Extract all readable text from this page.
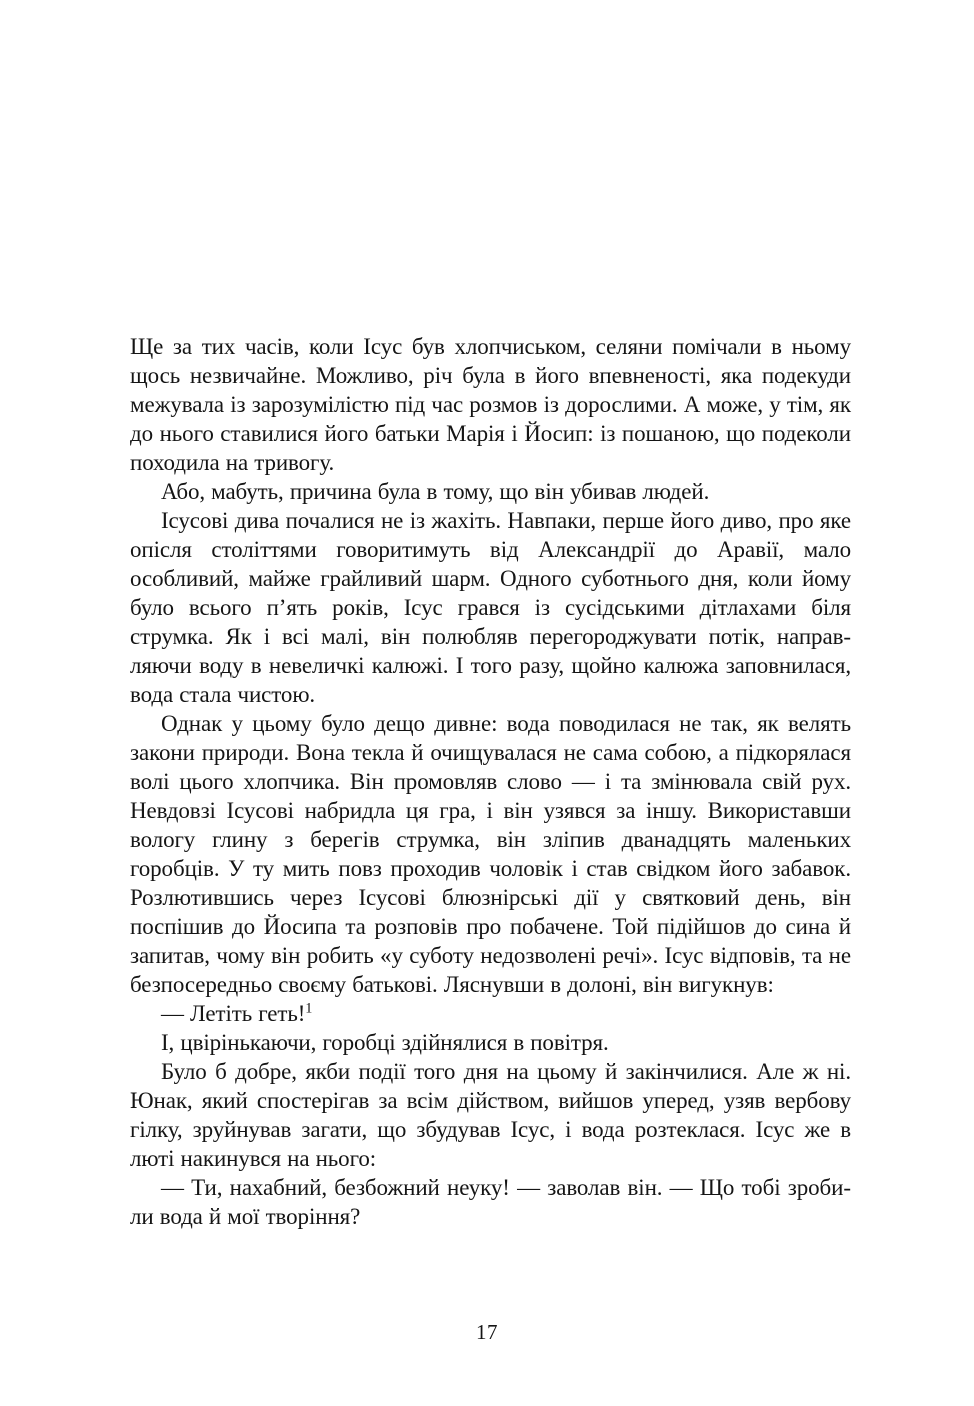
Ще за тих часів, коли Ісус був хлопчиськом, селяни помічали в ньому щось незвичайне. Можливо, річ була в його впевненості, яка подекуди межувала із зарозумілістю під час розмов із дорослими. А може, у тім, як до нього ставилися його батьки Марія і Йосип: із пошаною, що подеколи походила на тривогу.

Або, мабуть, причина була в тому, що він убивав людей.

Ісусові дива почалися не із жахіть. Навпаки, перше його диво, про яке опісля століттями говоритимуть від Александрії до Аравії, мало особливий, майже грайливий шарм. Одного суботнього дня, коли йому було всього п’ять років, Ісус грався із сусідськими дітлахами біля струмка. Як і всі малі, він полюбляв перегороджувати потік, направляючи воду в невеличкі калюжі. І того разу, щойно калюжа заповнилася, вода стала чистою.

Однак у цьому було дещо дивне: вода поводилася не так, як велять закони природи. Вона текла й очищувалася не сама собою, а підкорялася волі цього хлопчика. Він промовляв слово — і та змінювала свій рух. Невдовзі Ісусові набридла ця гра, і він узявся за іншу. Використавши вологу глину з берегів струмка, він зліпив дванадцять маленьких горобців. У ту мить повз проходив чоловік і став свідком його забавок. Розлютившись через Ісусові блюзнірські дії у святковий день, він поспішив до Йосипа та розповів про побачене. Той підійшов до сина й запитав, чому він робить «у суботу недозволені речі». Ісус відповів, та не безпосередньо своєму батькові. Ляснувши в долоні, він вигукнув:

— Летіть геть!$^1$

І, цвірінькаючи, горобці здійнялися в повітря.

Було б добре, якби події того дня на цьому й закінчилися. Але ж ні. Юнак, який спостерігав за всім дійством, вийшов уперед, узяв вербову гілку, зруйнував загати, що збудував Ісус, і вода розтеклася. Ісус же в люті накинувся на нього:

— Ти, нахабний, безбожний неуку! — заволав він. — Що тобі зробили вода й мої творіння?

17
